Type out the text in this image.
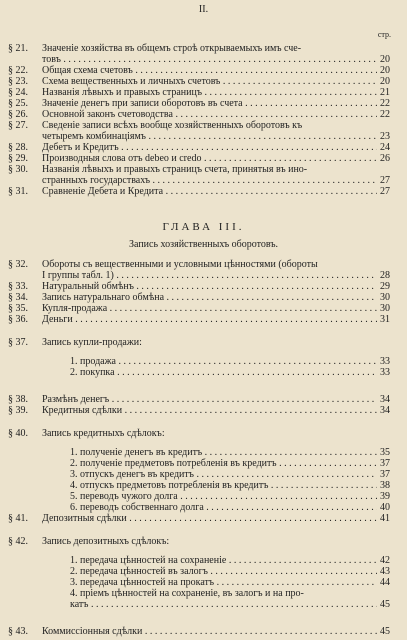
II.
стр.
§ 21. Значенiе хозяйства въ общемъ строѣ открываемыхъ имъ сче-
товъ . . .	20
§ 22. Общая схема счетовъ . . .	20
§ 23. Схема вещественныхъ и личныхъ счетовъ . . .	20
§ 24. Названiя лѣвыхъ и правыхъ страницъ . . .	21
§ 25. Значенiе денегъ при записи оборотовъ въ счета . . .	22
§ 26. Основной законъ счетоводства . . .	22
§ 27. Сведенiе записи всѣхъ вообще хозяйственныхъ оборотовъ къ
четыремъ комбинацiямъ . . .	23
§ 28. Дебетъ и Кредитъ . . .	24
§ 29. Производныя слова отъ debeo и credo . . .	26
§ 30. Названiя лѣвыхъ и правыхъ страницъ счета, принятыя въ ино-
странныхъ государствахъ . . .	27
§ 31. Сравненiе Дебета и Кредита . . .	27
ГЛАВА III.
Запись хозяйственныхъ оборотовъ.
§ 32. Обороты съ вещественными и условными цѣнностями (обороты
I группы табл. 1) . . .	28
§ 33. Натуральный обмѣнъ . . .	29
§ 34. Запись натуральнаго обмѣна . . .	30
§ 35. Купля-продажа . . .	30
§ 36. Деньги . . .	31
§ 37. Запись купли-продажи:
1. продажа . . .	33
2. покупка . . .	33
§ 38. Размѣнъ денегъ . . .	34
§ 39. Кредитныя сдѣлки . . .	34
§ 40. Запись кредитныхъ сдѣлокъ:
1. полученiе денегъ въ кредитъ . . .	35
2. полученiе предметовъ потребленiя въ кредитъ . . .	37
3. отпускъ денегъ въ кредитъ . . .	37
4. отпускъ предметовъ потребленiя въ кредитъ . . .	38
5. переводъ чужого долга . . .	39
6. переводъ собственнаго долга . . .	40
§ 41. Депозитныя сдѣлки . . .	41
§ 42. Запись депозитныхъ сдѣлокъ:
1. передача цѣнностей на сохраненiе . . .	42
2. передача цѣнностей въ залогъ . . .	43
3. передача цѣнностей на прокатъ . . .	44
4. прiемъ цѣнностей на сохраненiе, въ залогъ и на про-
катъ . . .	45
§ 43. Коммиссiонныя сдѣлки . . .	45
